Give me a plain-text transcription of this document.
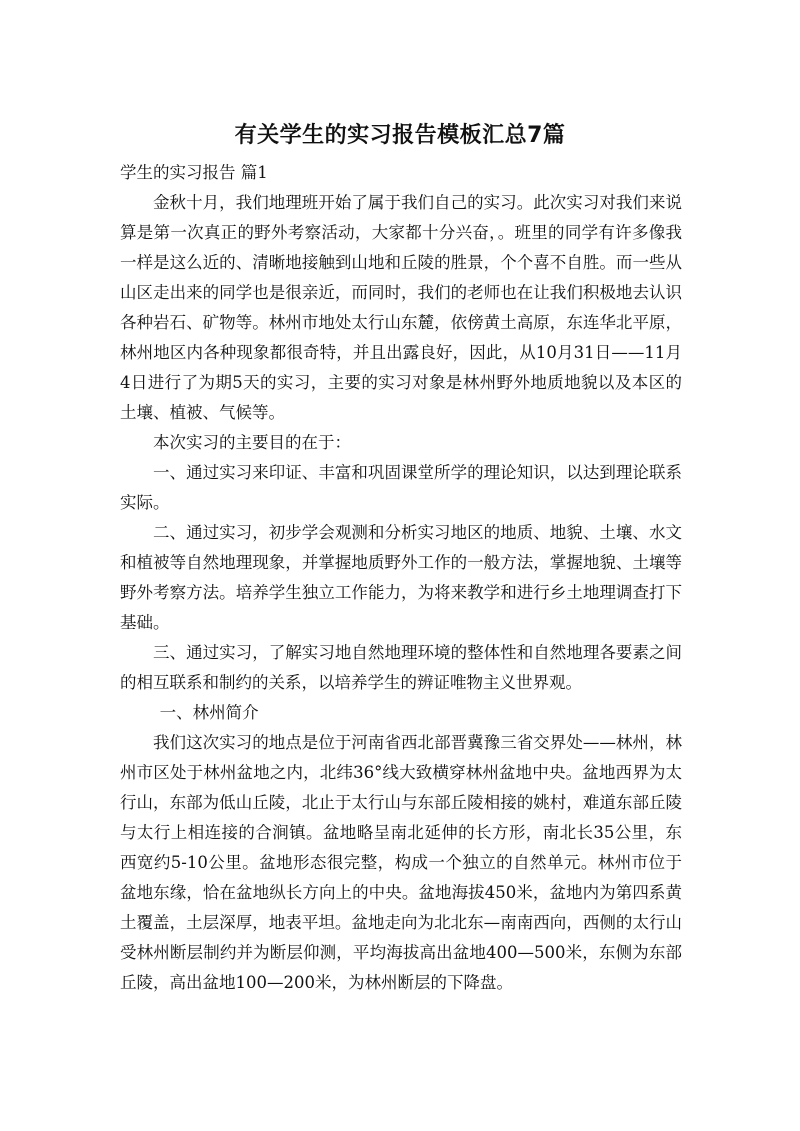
有关学生的实习报告模板汇总7篇

学生的实习报告 篇1

金秋十月，我们地理班开始了属于我们自己的实习。此次实习对我们来说算是第一次真正的野外考察活动，大家都十分兴奋，。班里的同学有许多像我一样是这么近的、清晰地接触到山地和丘陵的胜景，个个喜不自胜。而一些从山区走出来的同学也是很亲近，而同时，我们的老师也在让我们积极地去认识各种岩石、矿物等。林州市地处太行山东麓，依傍黄土高原，东连华北平原，林州地区内各种现象都很奇特，并且出露良好，因此，从10月31日——11月4日进行了为期5天的实习，主要的实习对象是林州野外地质地貌以及本区的土壤、植被、气候等。

本次实习的主要目的在于：

一、通过实习来印证、丰富和巩固课堂所学的理论知识，以达到理论联系实际。

二、通过实习，初步学会观测和分析实习地区的地质、地貌、土壤、水文和植被等自然地理现象，并掌握地质野外工作的一般方法，掌握地貌、土壤等野外考察方法。培养学生独立工作能力，为将来教学和进行乡土地理调查打下基础。

三、通过实习，了解实习地自然地理环境的整体性和自然地理各要素之间的相互联系和制约的关系，以培养学生的辨证唯物主义世界观。

一、林州简介

我们这次实习的地点是位于河南省西北部晋冀豫三省交界处——林州，林州市区处于林州盆地之内，北纬36°线大致横穿林州盆地中央。盆地西界为太行山，东部为低山丘陵，北止于太行山与东部丘陵相接的姚村，难道东部丘陵与太行上相连接的合涧镇。盆地略呈南北延伸的长方形，南北长35公里，东西宽约5-10公里。盆地形态很完整，构成一个独立的自然单元。林州市位于盆地东缘，恰在盆地纵长方向上的中央。盆地海拔450米，盆地内为第四系黄土覆盖，土层深厚，地表平坦。盆地走向为北北东—南南西向，西侧的太行山受林州断层制约并为断层仰测，平均海拔高出盆地400—500米，东侧为东部丘陵，高出盆地100—200米，为林州断层的下降盘。
